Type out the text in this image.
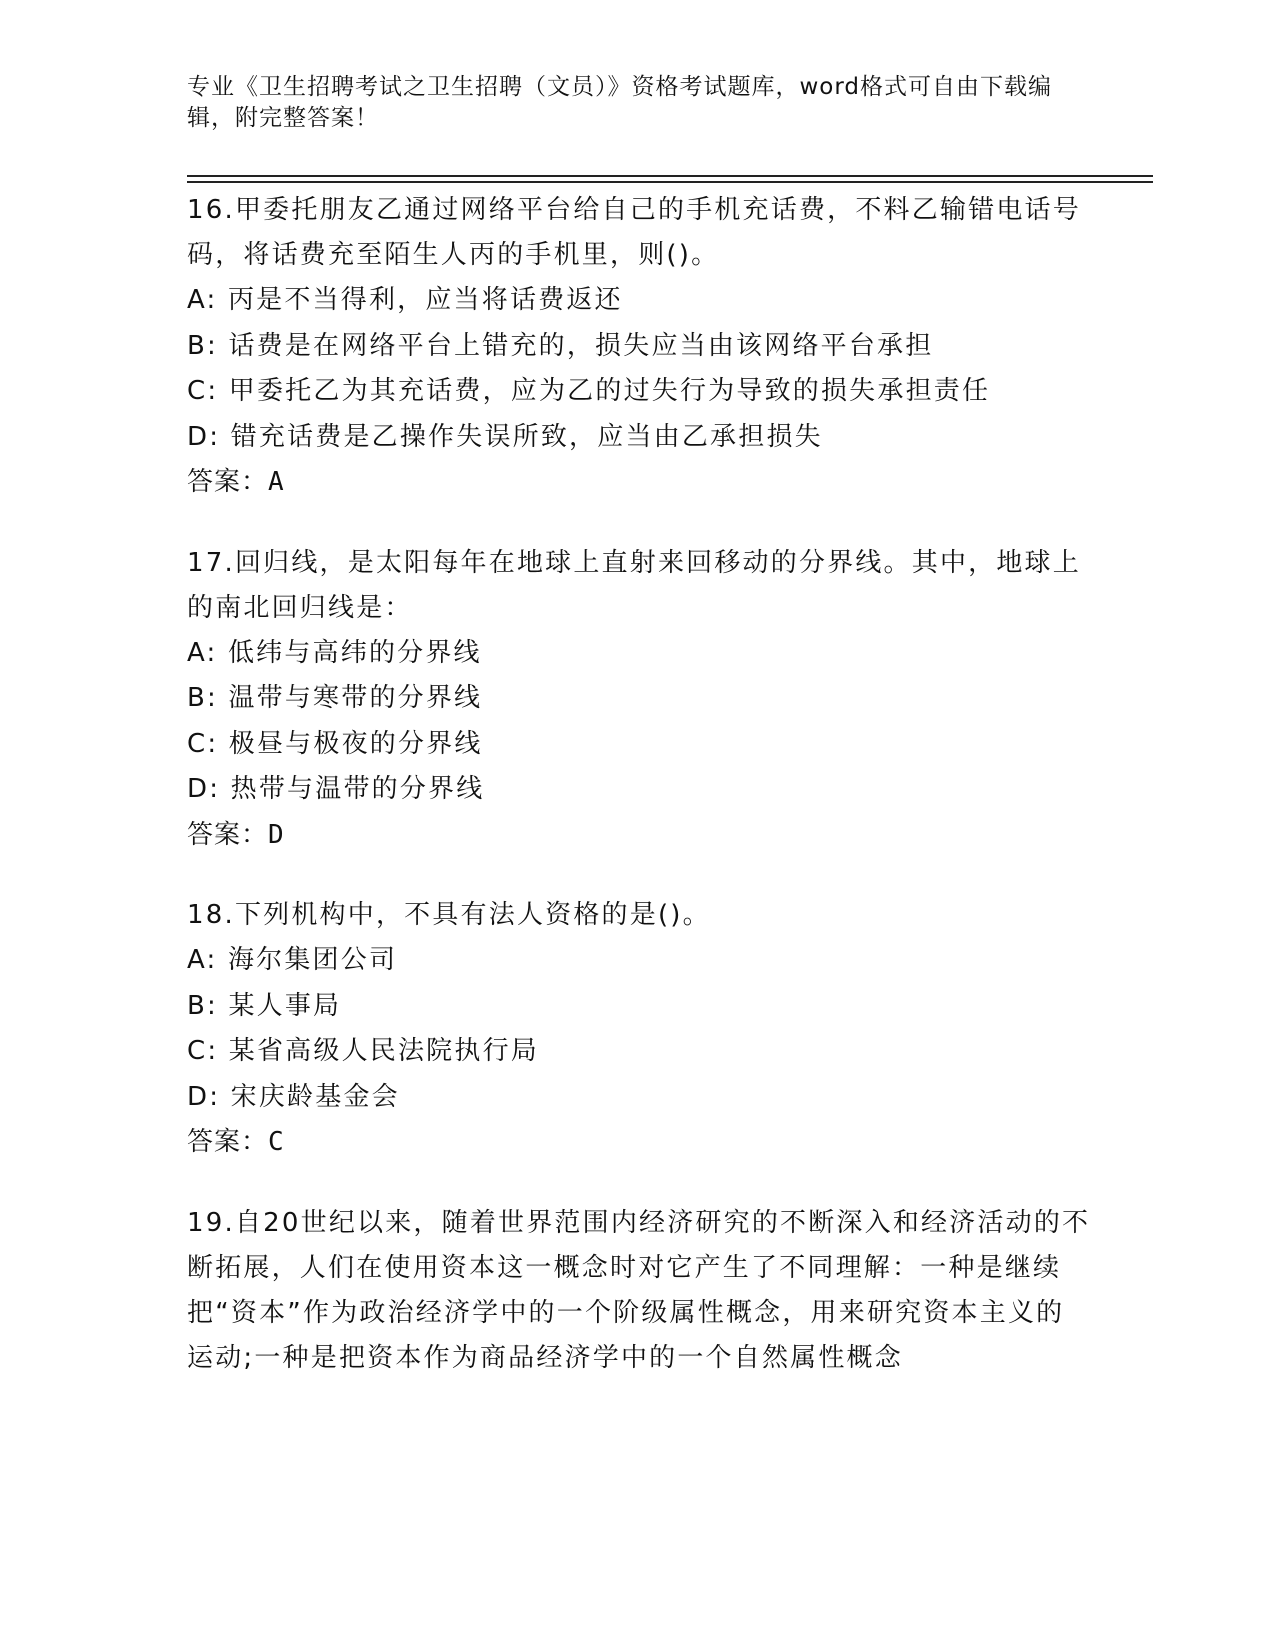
专业《卫生招聘考试之卫生招聘（文员）》资格考试题库，word格式可自由下载编辑，附完整答案！
16.甲委托朋友乙通过网络平台给自己的手机充话费，不料乙输错电话号码，将话费充至陌生人丙的手机里，则()。
A: 丙是不当得利，应当将话费返还
B: 话费是在网络平台上错充的，损失应当由该网络平台承担
C: 甲委托乙为其充话费，应为乙的过失行为导致的损失承担责任
D: 错充话费是乙操作失误所致，应当由乙承担损失
答案：A
17.回归线，是太阳每年在地球上直射来回移动的分界线。其中，地球上的南北回归线是：
A: 低纬与高纬的分界线
B: 温带与寒带的分界线
C: 极昼与极夜的分界线
D: 热带与温带的分界线
答案：D
18.下列机构中，不具有法人资格的是()。
A: 海尔集团公司
B: 某人事局
C: 某省高级人民法院执行局
D: 宋庆龄基金会
答案：C
19.自20世纪以来，随着世界范围内经济研究的不断深入和经济活动的不断拓展，人们在使用资本这一概念时对它产生了不同理解：一种是继续把“资本”作为政治经济学中的一个阶级属性概念，用来研究资本主义的运动;一种是把资本作为商品经济学中的一个自然属性概念
